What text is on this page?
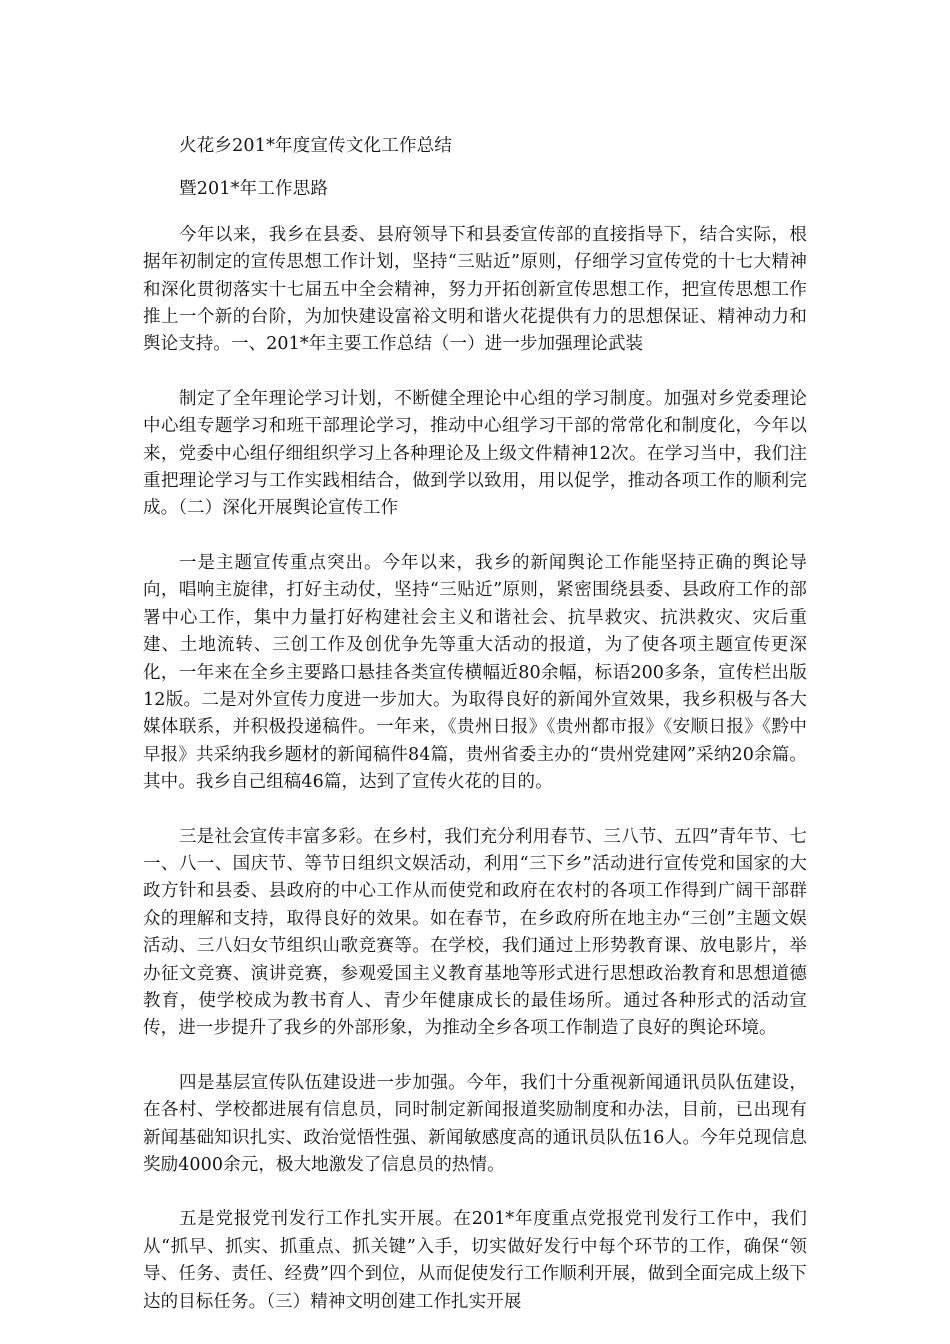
火花乡201*年度宣传文化工作总结

暨201*年工作思路

今年以来，我乡在县委、县府领导下和县委宣传部的直接指导下，结合实际，根据年初制定的宣传思想工作计划，坚持“三贴近”原则，仔细学习宣传党的十七大精神和深化贯彻落实十七届五中全会精神，努力开拓创新宣传思想工作，把宣传思想工作推上一个新的台阶，为加快建设富裕文明和谐火花提供有力的思想保证、精神动力和舆论支持。一、201*年主要工作总结（一）进一步加强理论武装

制定了全年理论学习计划，不断健全理论中心组的学习制度。加强对乡党委理论中心组专题学习和班干部理论学习，推动中心组学习干部的常常化和制度化，今年以来，党委中心组仔细组织学习上各种理论及上级文件精神12次。在学习当中，我们注重把理论学习与工作实践相结合，做到学以致用，用以促学，推动各项工作的顺利完成。（二）深化开展舆论宣传工作

一是主题宣传重点突出。今年以来，我乡的新闻舆论工作能坚持正确的舆论导向，唱响主旋律，打好主动仗，坚持“三贴近”原则，紧密围绕县委、县政府工作的部署中心工作，集中力量打好构建社会主义和谐社会、抗旱救灾、抗洪救灾、灾后重建、土地流转、三创工作及创优争先等重大活动的报道，为了使各项主题宣传更深化，一年来在全乡主要路口悬挂各类宣传横幅近80余幅，标语200多条，宣传栏出版12版。二是对外宣传力度进一步加大。为取得良好的新闻外宣效果，我乡积极与各大媒体联系，并积极投递稿件。一年来，《贵州日报》《贵州都市报》《安顺日报》《黔中早报》共采纳我乡题材的新闻稿件84篇，贵州省委主办的“贵州党建网”采纳20余篇。其中。我乡自己组稿46篇，达到了宣传火花的目的。

三是社会宣传丰富多彩。在乡村，我们充分利用春节、三八节、五四”青年节、七一、八一、国庆节、等节日组织文娱活动，利用“三下乡”活动进行宣传党和国家的大政方针和县委、县政府的中心工作从而使党和政府在农村的各项工作得到广阔干部群众的理解和支持，取得良好的效果。如在春节，在乡政府所在地主办“三创”主题文娱活动、三八妇女节组织山歌竞赛等。在学校，我们通过上形势教育课、放电影片，举办征文竞赛、演讲竞赛，参观爱国主义教育基地等形式进行思想政治教育和思想道德教育，使学校成为教书育人、青少年健康成长的最佳场所。通过各种形式的活动宣传，进一步提升了我乡的外部形象，为推动全乡各项工作制造了良好的舆论环境。

四是基层宣传队伍建设进一步加强。今年，我们十分重视新闻通讯员队伍建设，在各村、学校都进展有信息员，同时制定新闻报道奖励制度和办法，目前，已出现有新闻基础知识扎实、政治觉悟性强、新闻敏感度高的通讯员队伍16人。今年兑现信息奖励4000余元，极大地激发了信息员的热情。

五是党报党刊发行工作扎实开展。在201*年度重点党报党刊发行工作中，我们从“抓早、抓实、抓重点、抓关键”入手，切实做好发行中每个环节的工作，确保“领导、任务、责任、经费”四个到位，从而促使发行工作顺利开展，做到全面完成上级下达的目标任务。（三）精神文明创建工作扎实开展
